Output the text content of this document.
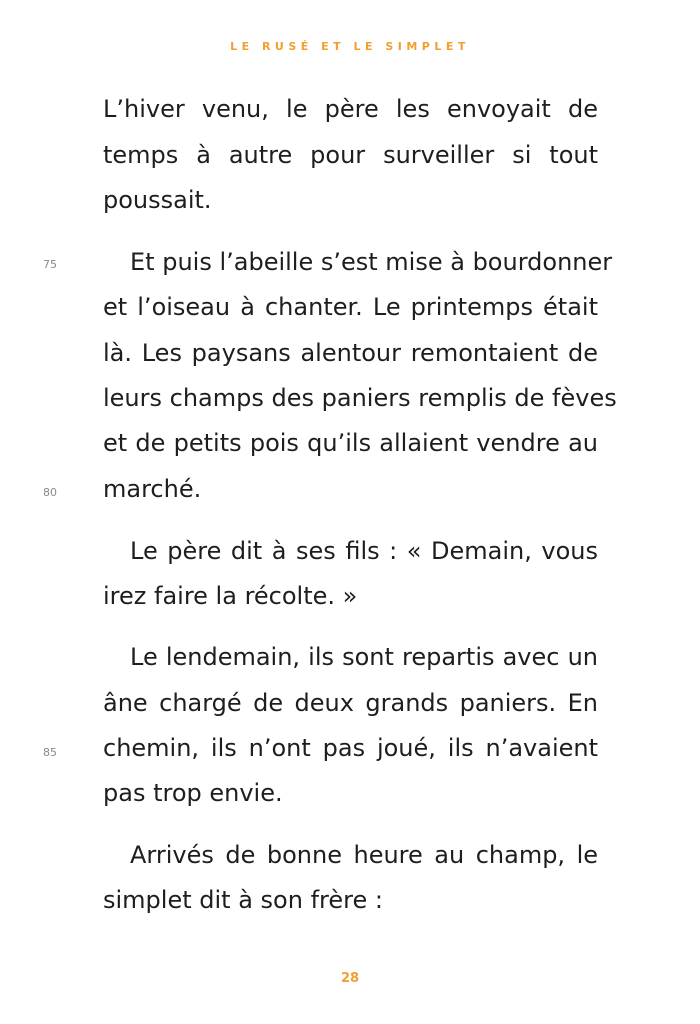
LE RUSÉ ET LE SIMPLET
75
80
85
L’hiver venu, le père les envoyait de
temps à autre pour surveiller si tout
poussait.
Et puis l’abeille s’est mise à bourdonner
et l’oiseau à chanter. Le printemps était
là. Les paysans alentour remontaient de
leurs champs des paniers remplis de fèves
et de petits pois qu’ils allaient vendre au
marché.
Le père dit à ses fils : « Demain, vous
irez faire la récolte. »
Le lendemain, ils sont repartis avec un
âne chargé de deux grands paniers. En
chemin, ils n’ont pas joué, ils n’avaient
pas trop envie.
Arrivés de bonne heure au champ, le
simplet dit à son frère :
28
